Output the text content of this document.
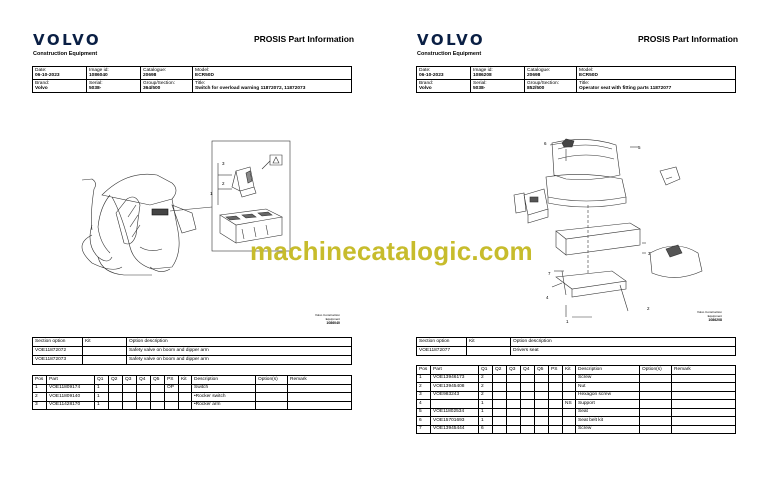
VOLVO
Construction Equipment
PROSIS Part Information
Date:
06-10-2023	Image id:
1086040	Catalogue:
20698	Model:
ECR50D

Brand:
Volvo	Serial:
5038-	Group/Section:
364/500	Title:
Switch for overload warning 11872072, 11872073
1
2
3
Volvo Construction
Equipment
1086040
Section option	Kit	Option description
VOE11872072		Safety valve on boom and dipper arm
VOE11872073		Safety valve on boom and dipper arm
Pos	Part	Q1	Q2	Q3	Q4	Q5	PS	Kit	Description	Option(s)	Remark
1	VOE11809174	1					OP		Switch		
2	VOE11809140	1							•Rocker switch		
3	VOE11428170	1							•Rocker arm		
VOLVO
Construction Equipment
PROSIS Part Information
Date:
06-10-2023	Image id:
1086208	Catalogue:
20698	Model:
ECR50D

Brand:
Volvo	Serial:
5038-	Group/Section:
852/500	Title:
Operator seat with fitting parts 11872077
1
2
3
4
5
6
7
Volvo Construction
Equipment
1086208
Section option	Kit	Option description
VOE11872077		Drivers seat
Pos	Part	Q1	Q2	Q3	Q4	Q5	PS	Kit	Description	Option(s)	Remark
1	VOE13946173	2							Screw		
2	VOE13945408	2							Nut		
3	VOE983243	2							Hexagon screw		
4		1						NS	Support		
5	VOE11802534	1							Seat		
6	VOE15701693	1							Seat belt kit		
7	VOE13945444	6							Screw		
machinecatalogic.com
